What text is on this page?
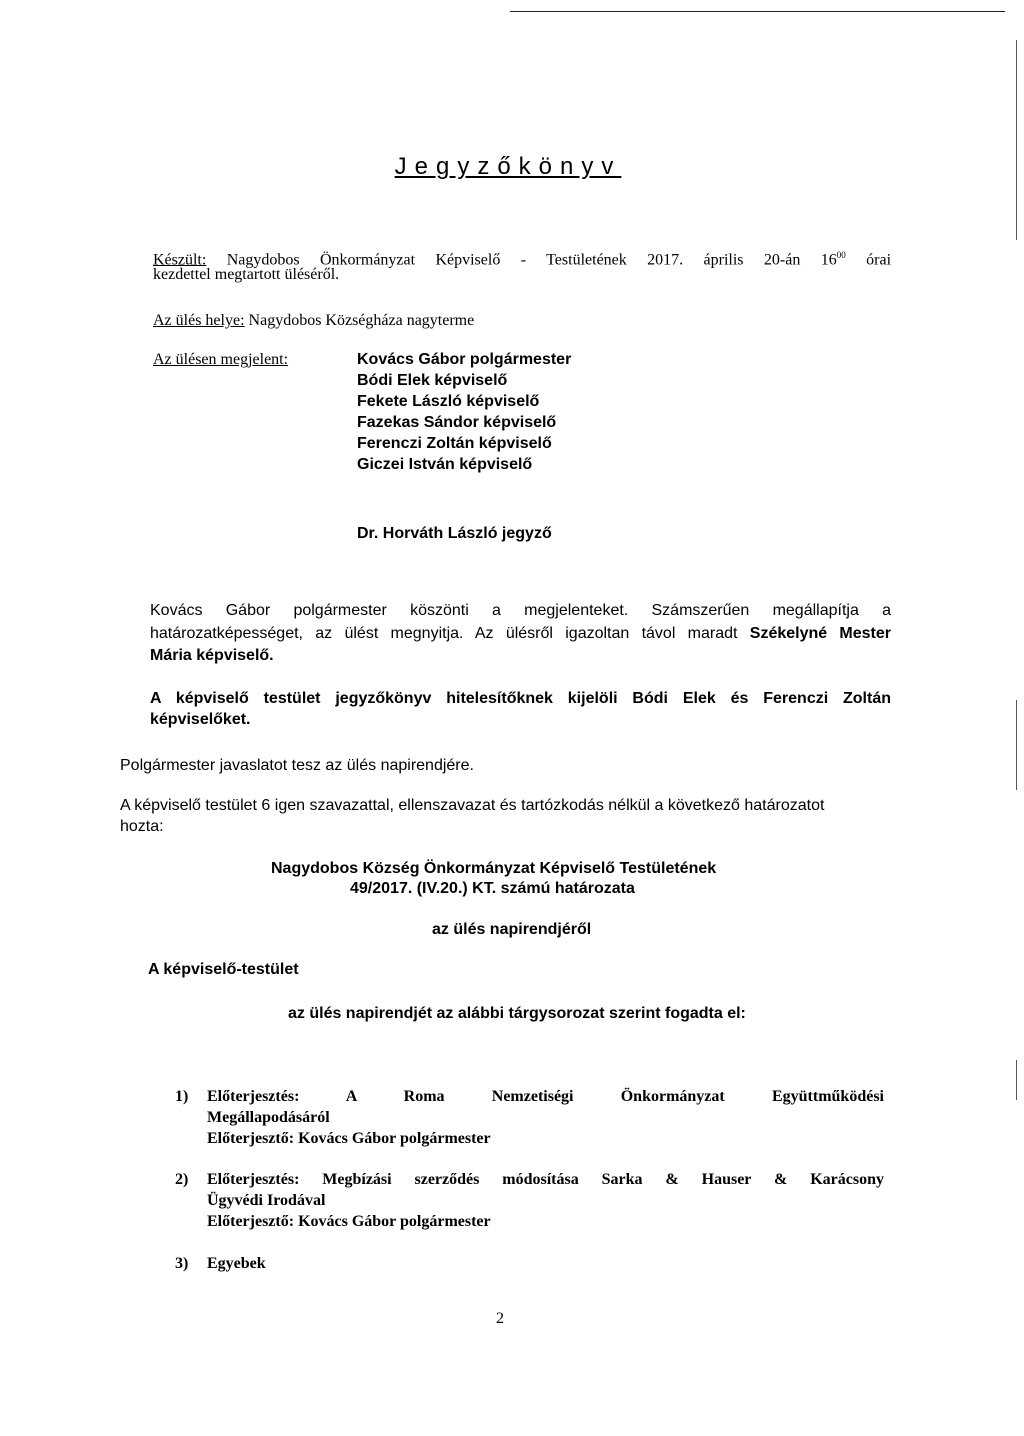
Jegyzőkönyv
Készült: Nagydobos Önkormányzat Képviselő - Testületének 2017. április 20-án $16^{00}$ órai
kezdettel megtartott üléséről.
Az ülés helye: Nagydobos Községháza nagyterme
Az ülésen megjelent:	Kovács Gábor polgármester
Bódi Elek képviselő
Fekete László képviselő
Fazekas Sándor képviselő
Ferenczi Zoltán képviselő
Giczei István képviselő
Dr. Horváth László jegyző
Kovács Gábor polgármester köszönti a megjelenteket. Számszerűen megállapítja a
határozatképességet, az ülést megnyitja. Az ülésről igazoltan távol maradt Székelyné Mester
Mária képviselő.
A képviselő testület jegyzőkönyv hitelesítőknek kijelöli Bódi Elek és Ferenczi Zoltán
képviselőket.
Polgármester javaslatot tesz az ülés napirendjére.
A képviselő testület 6 igen szavazattal, ellenszavazat és tartózkodás nélkül a következő határozatot
hozta:
Nagydobos Község Önkormányzat Képviselő Testületének
49/2017. (IV.20.) KT. számú határozata
az ülés napirendjéről
A képviselő-testület
az ülés napirendjét az alábbi tárgysorozat szerint fogadta el:
1) Előterjesztés: A Roma Nemzetiségi Önkormányzat Együttműködési
Megállapodásáról
Előterjesztő: Kovács Gábor polgármester
2) Előterjesztés: Megbízási szerződés módosítása Sarka & Hauser & Karácsony
Ügyvédi Irodával
Előterjesztő: Kovács Gábor polgármester
3) Egyebek
2
